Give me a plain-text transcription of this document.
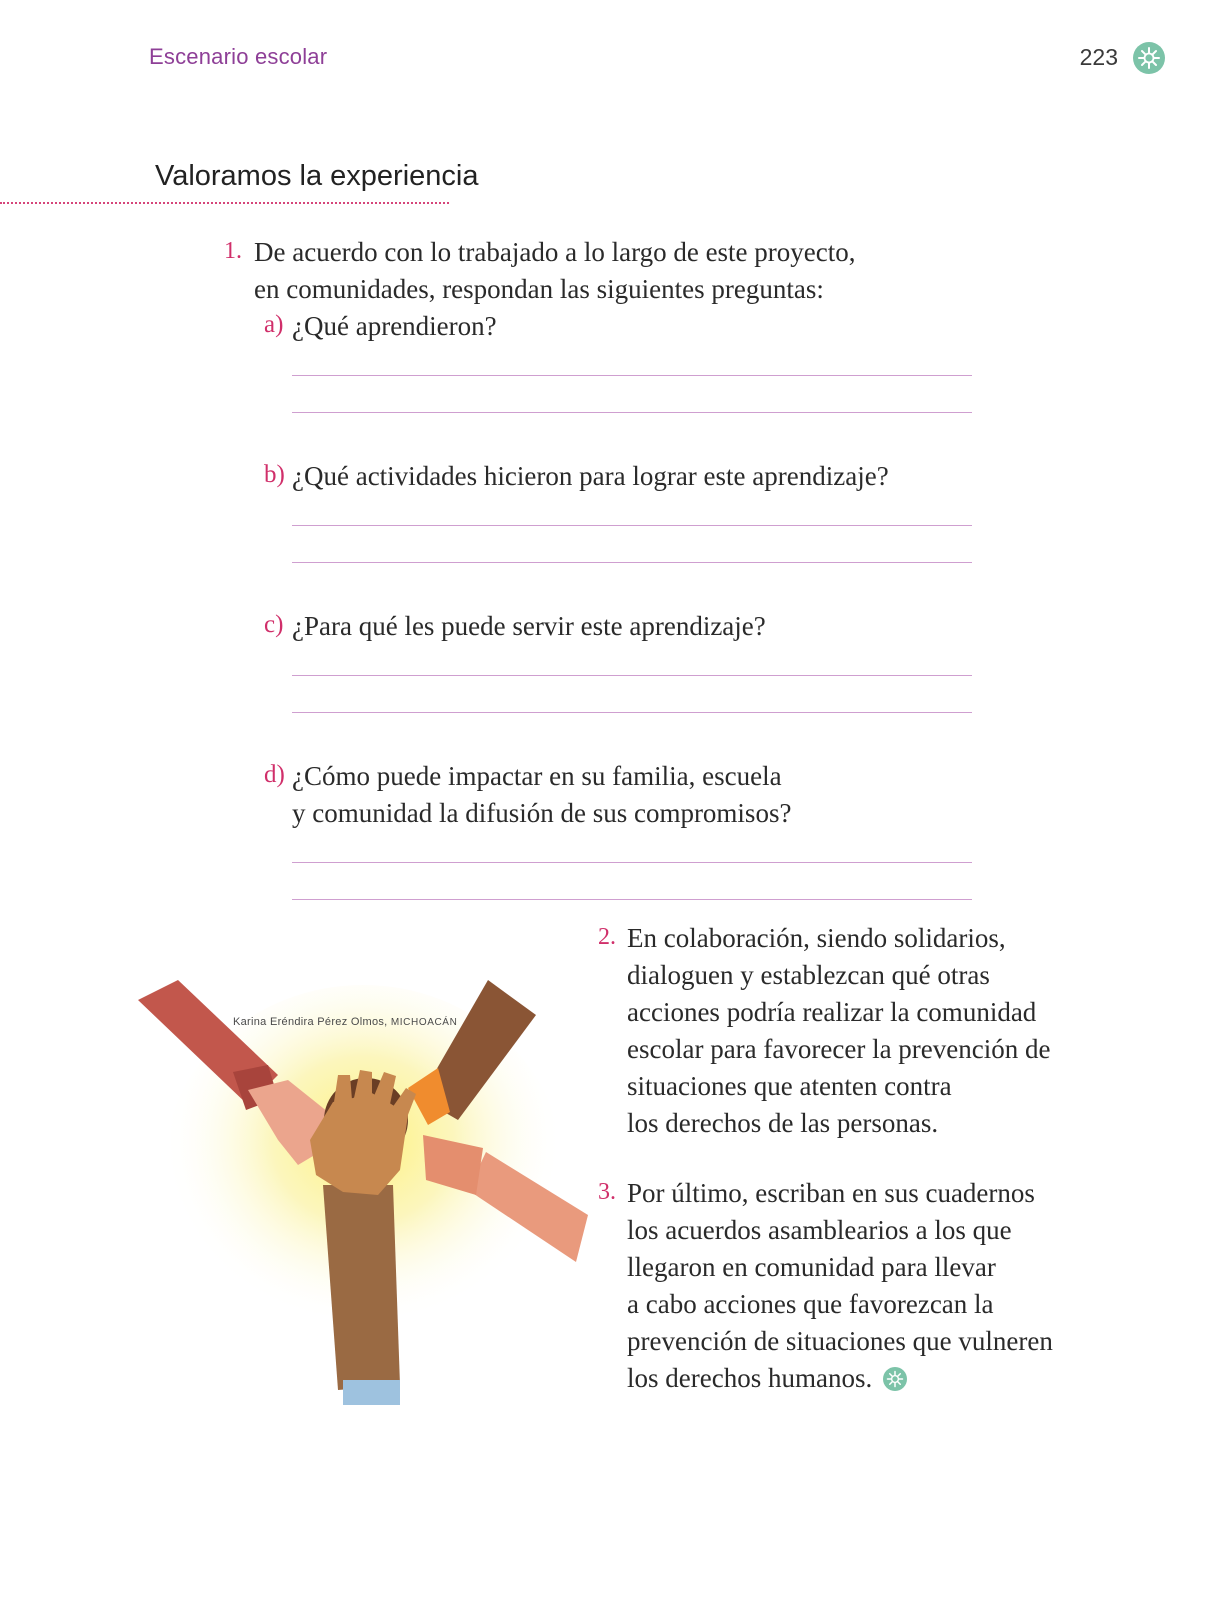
Escenario escolar	223
Valoramos la experiencia
1. De acuerdo con lo trabajado a lo largo de este proyecto,
en comunidades, respondan las siguientes preguntas:
a) ¿Qué aprendieron?
b) ¿Qué actividades hicieron para lograr este aprendizaje?
c) ¿Para qué les puede servir este aprendizaje?
d) ¿Cómo puede impactar en su familia, escuela
y comunidad la difusión de sus compromisos?
Karina Eréndira Pérez Olmos, MICHOACÁN
2. En colaboración, siendo solidarios,
dialoguen y establezcan qué otras
acciones podría realizar la comunidad
escolar para favorecer la prevención de
situaciones que atenten contra
los derechos de las personas.
3. Por último, escriban en sus cuadernos
los acuerdos asamblearios a los que
llegaron en comunidad para llevar
a cabo acciones que favorezcan la
prevención de situaciones que vulneren
los derechos humanos.
